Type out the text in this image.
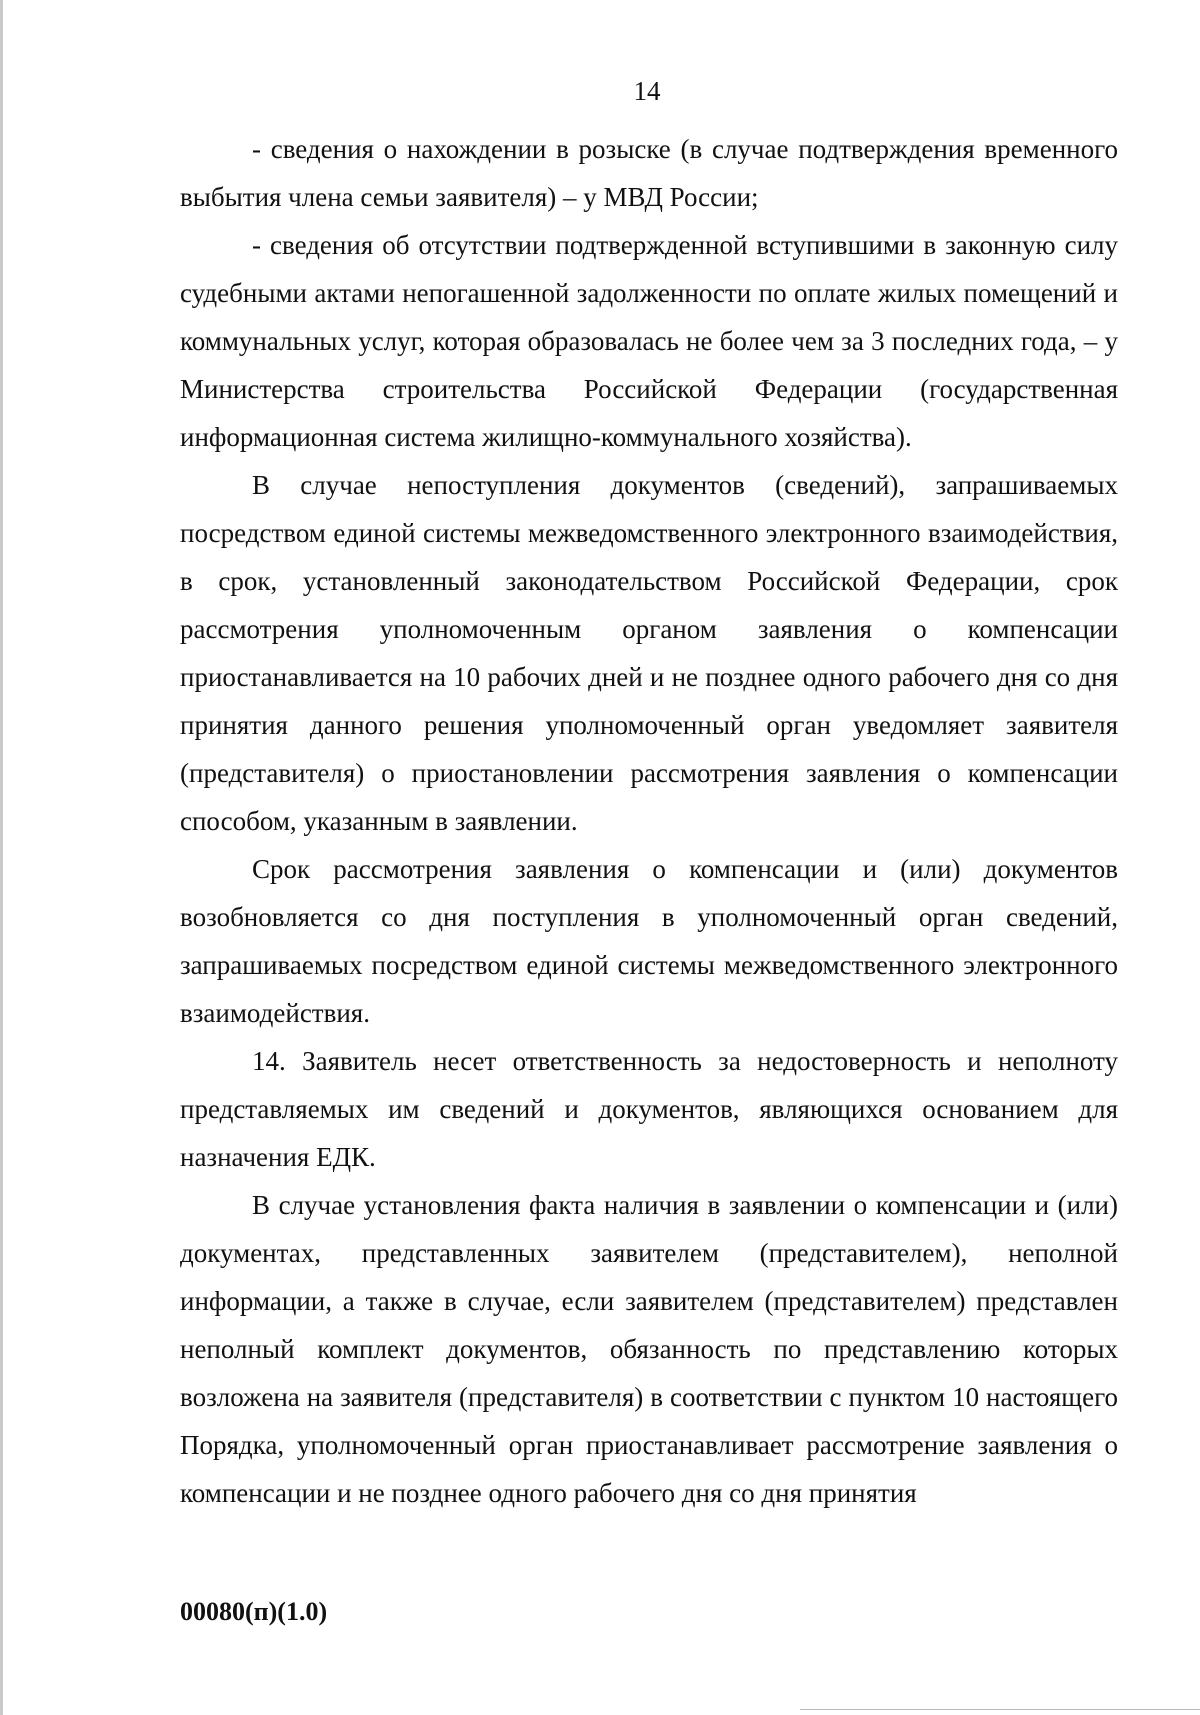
14

- сведения о нахождении в розыске (в случае подтверждения временного выбытия члена семьи заявителя) – у МВД России;

- сведения об отсутствии подтвержденной вступившими в законную силу судебными актами непогашенной задолженности по оплате жилых помещений и коммунальных услуг, которая образовалась не более чем за 3 последних года, – у Министерства строительства Российской Федерации (государственная информационная система жилищно-коммунального хозяйства).

В случае непоступления документов (сведений), запрашиваемых посредством единой системы межведомственного электронного взаимодействия, в срок, установленный законодательством Российской Федерации, срок рассмотрения уполномоченным органом заявления о компенсации приостанавливается на 10 рабочих дней и не позднее одного рабочего дня со дня принятия данного решения уполномоченный орган уведомляет заявителя (представителя) о приостановлении рассмотрения заявления о компенсации способом, указанным в заявлении.

Срок рассмотрения заявления о компенсации и (или) документов возобновляется со дня поступления в уполномоченный орган сведений, запрашиваемых посредством единой системы межведомственного электронного взаимодействия.

14. Заявитель несет ответственность за недостоверность и неполноту представляемых им сведений и документов, являющихся основанием для назначения ЕДК.

В случае установления факта наличия в заявлении о компенсации и (или) документах, представленных заявителем (представителем), неполной информации, а также в случае, если заявителем (представителем) представлен неполный комплект документов, обязанность по представлению которых возложена на заявителя (представителя) в соответствии с пунктом 10 настоящего Порядка, уполномоченный орган приостанавливает рассмотрение заявления о компенсации и не позднее одного рабочего дня со дня принятия

00080(п)(1.0)
